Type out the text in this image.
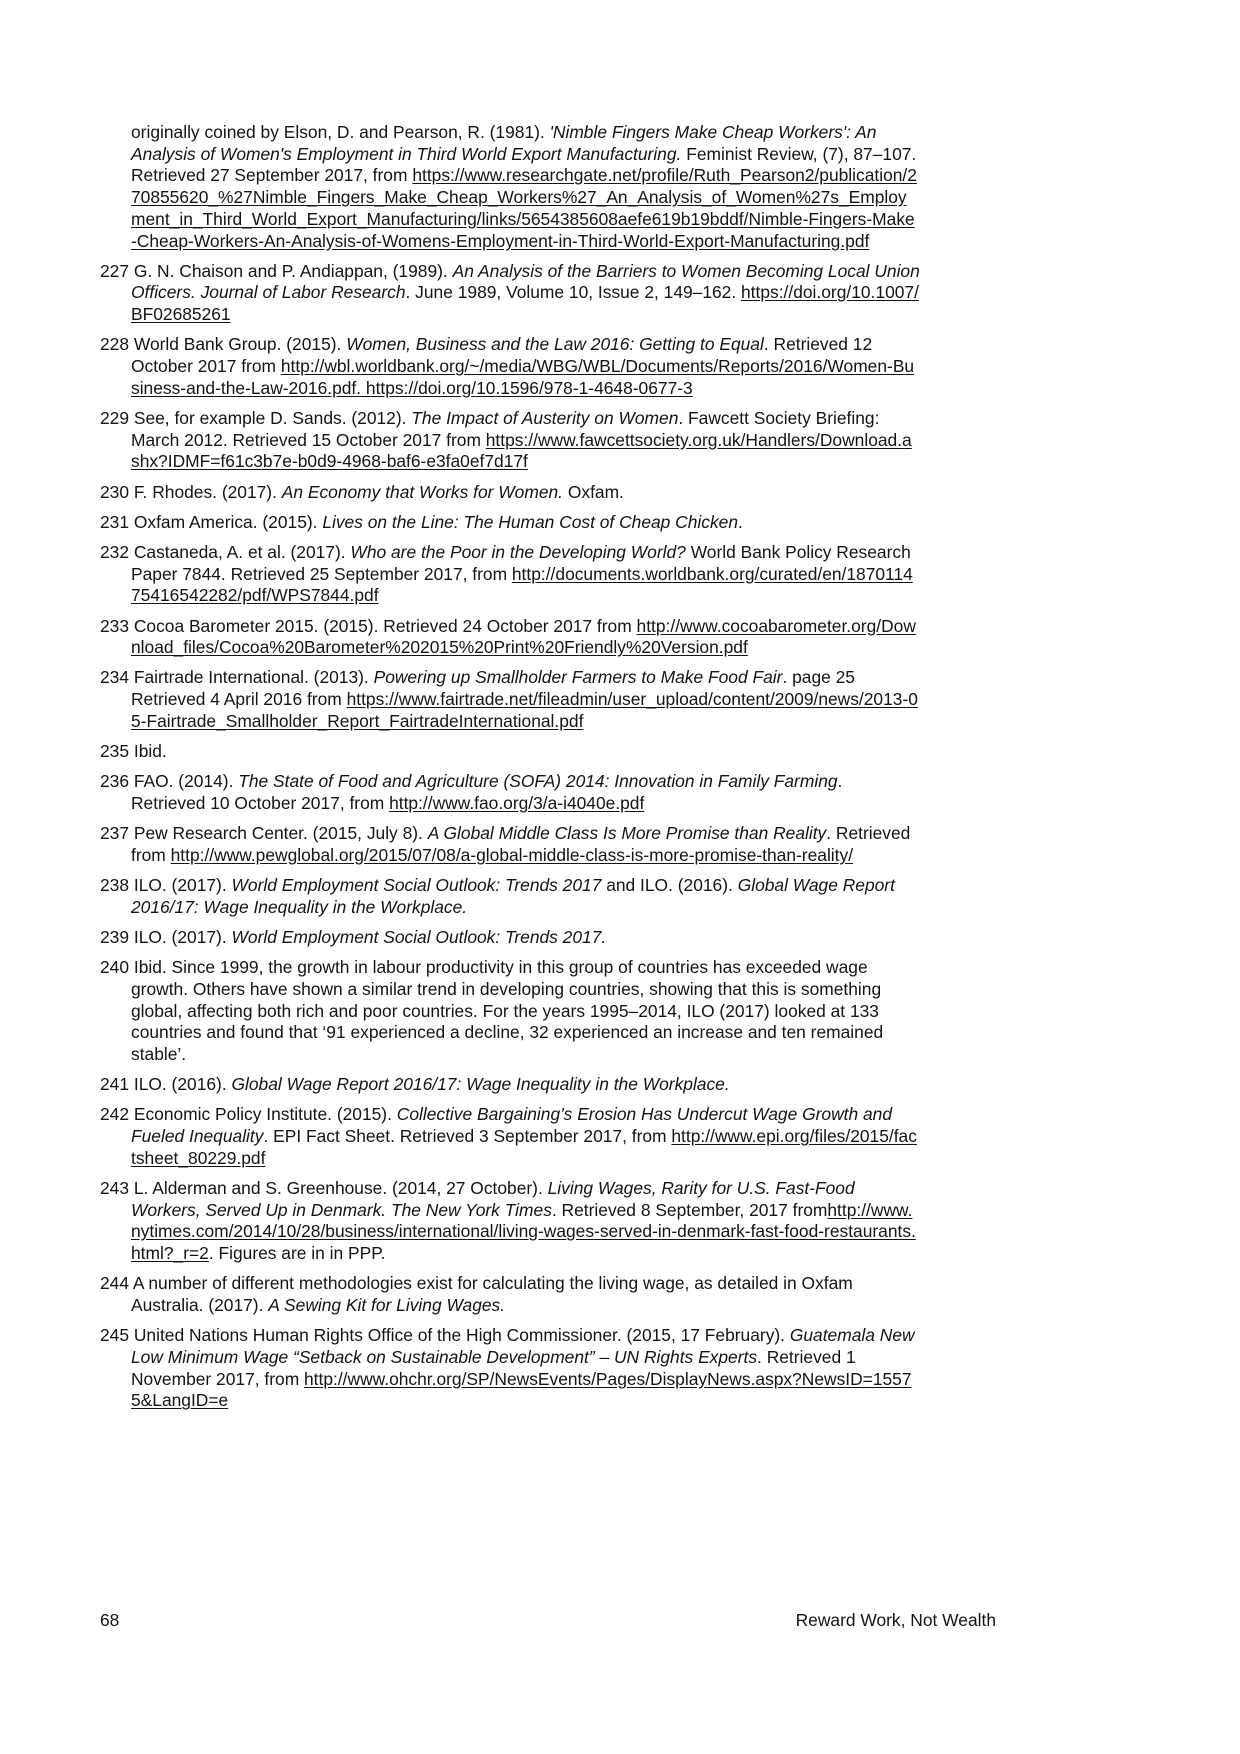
originally coined by Elson, D. and Pearson, R. (1981). 'Nimble Fingers Make Cheap Workers': An Analysis of Women's Employment in Third World Export Manufacturing. Feminist Review, (7), 87–107. Retrieved 27 September 2017, from https://www.researchgate.net/profile/Ruth_Pearson2/publication/270855620_%27Nimble_Fingers_Make_Cheap_Workers%27_An_Analysis_of_Women%27s_Employment_in_Third_World_Export_Manufacturing/links/5654385608aefe619b19bddf/Nimble-Fingers-Make-Cheap-Workers-An-Analysis-of-Womens-Employment-in-Third-World-Export-Manufacturing.pdf

227 G. N. Chaison and P. Andiappan, (1989). An Analysis of the Barriers to Women Becoming Local Union Officers. Journal of Labor Research. June 1989, Volume 10, Issue 2, 149–162. https://doi.org/10.1007/BF02685261

228 World Bank Group. (2015). Women, Business and the Law 2016: Getting to Equal. Retrieved 12 October 2017 from http://wbl.worldbank.org/~/media/WBG/WBL/Documents/Reports/2016/Women-Business-and-the-Law-2016.pdf. https://doi.org/10.1596/978-1-4648-0677-3

229 See, for example D. Sands. (2012). The Impact of Austerity on Women. Fawcett Society Briefing: March 2012. Retrieved 15 October 2017 from https://www.fawcettsociety.org.uk/Handlers/Download.ashx?IDMF=f61c3b7e-b0d9-4968-baf6-e3fa0ef7d17f

230 F. Rhodes. (2017). An Economy that Works for Women. Oxfam.

231 Oxfam America. (2015). Lives on the Line: The Human Cost of Cheap Chicken.

232 Castaneda, A. et al. (2017). Who are the Poor in the Developing World? World Bank Policy Research Paper 7844. Retrieved 25 September 2017, from http://documents.worldbank.org/curated/en/187011475416542282/pdf/WPS7844.pdf

233 Cocoa Barometer 2015. (2015). Retrieved 24 October 2017 from http://www.cocoabarometer.org/Download_files/Cocoa%20Barometer%202015%20Print%20Friendly%20Version.pdf

234 Fairtrade International. (2013). Powering up Smallholder Farmers to Make Food Fair. page 25 Retrieved 4 April 2016 from https://www.fairtrade.net/fileadmin/user_upload/content/2009/news/2013-05-Fairtrade_Smallholder_Report_FairtradeInternational.pdf

235 Ibid.

236 FAO. (2014). The State of Food and Agriculture (SOFA) 2014: Innovation in Family Farming. Retrieved 10 October 2017, from http://www.fao.org/3/a-i4040e.pdf

237 Pew Research Center. (2015, July 8). A Global Middle Class Is More Promise than Reality. Retrieved from http://www.pewglobal.org/2015/07/08/a-global-middle-class-is-more-promise-than-reality/

238 ILO. (2017). World Employment Social Outlook: Trends 2017 and ILO. (2016). Global Wage Report 2016/17: Wage Inequality in the Workplace.

239 ILO. (2017). World Employment Social Outlook: Trends 2017.

240 Ibid. Since 1999, the growth in labour productivity in this group of countries has exceeded wage growth. Others have shown a similar trend in developing countries, showing that this is something global, affecting both rich and poor countries. For the years 1995–2014, ILO (2017) looked at 133 countries and found that ‘91 experienced a decline, 32 experienced an increase and ten remained stable’.

241 ILO. (2016). Global Wage Report 2016/17: Wage Inequality in the Workplace.

242 Economic Policy Institute. (2015). Collective Bargaining’s Erosion Has Undercut Wage Growth and Fueled Inequality. EPI Fact Sheet. Retrieved 3 September 2017, from http://www.epi.org/files/2015/factsheet_80229.pdf

243 L. Alderman and S. Greenhouse. (2014, 27 October). Living Wages, Rarity for U.S. Fast-Food Workers, Served Up in Denmark. The New York Times. Retrieved 8 September, 2017 fromhttp://www.nytimes.com/2014/10/28/business/international/living-wages-served-in-denmark-fast-food-restaurants.html?_r=2. Figures are in in PPP.

244 A number of different methodologies exist for calculating the living wage, as detailed in Oxfam Australia. (2017). A Sewing Kit for Living Wages.

245 United Nations Human Rights Office of the High Commissioner. (2015, 17 February). Guatemala New Low Minimum Wage “Setback on Sustainable Development” – UN Rights Experts. Retrieved 1 November 2017, from http://www.ohchr.org/SP/NewsEvents/Pages/DisplayNews.aspx?NewsID=15575&LangID=e

68	Reward Work, Not Wealth
